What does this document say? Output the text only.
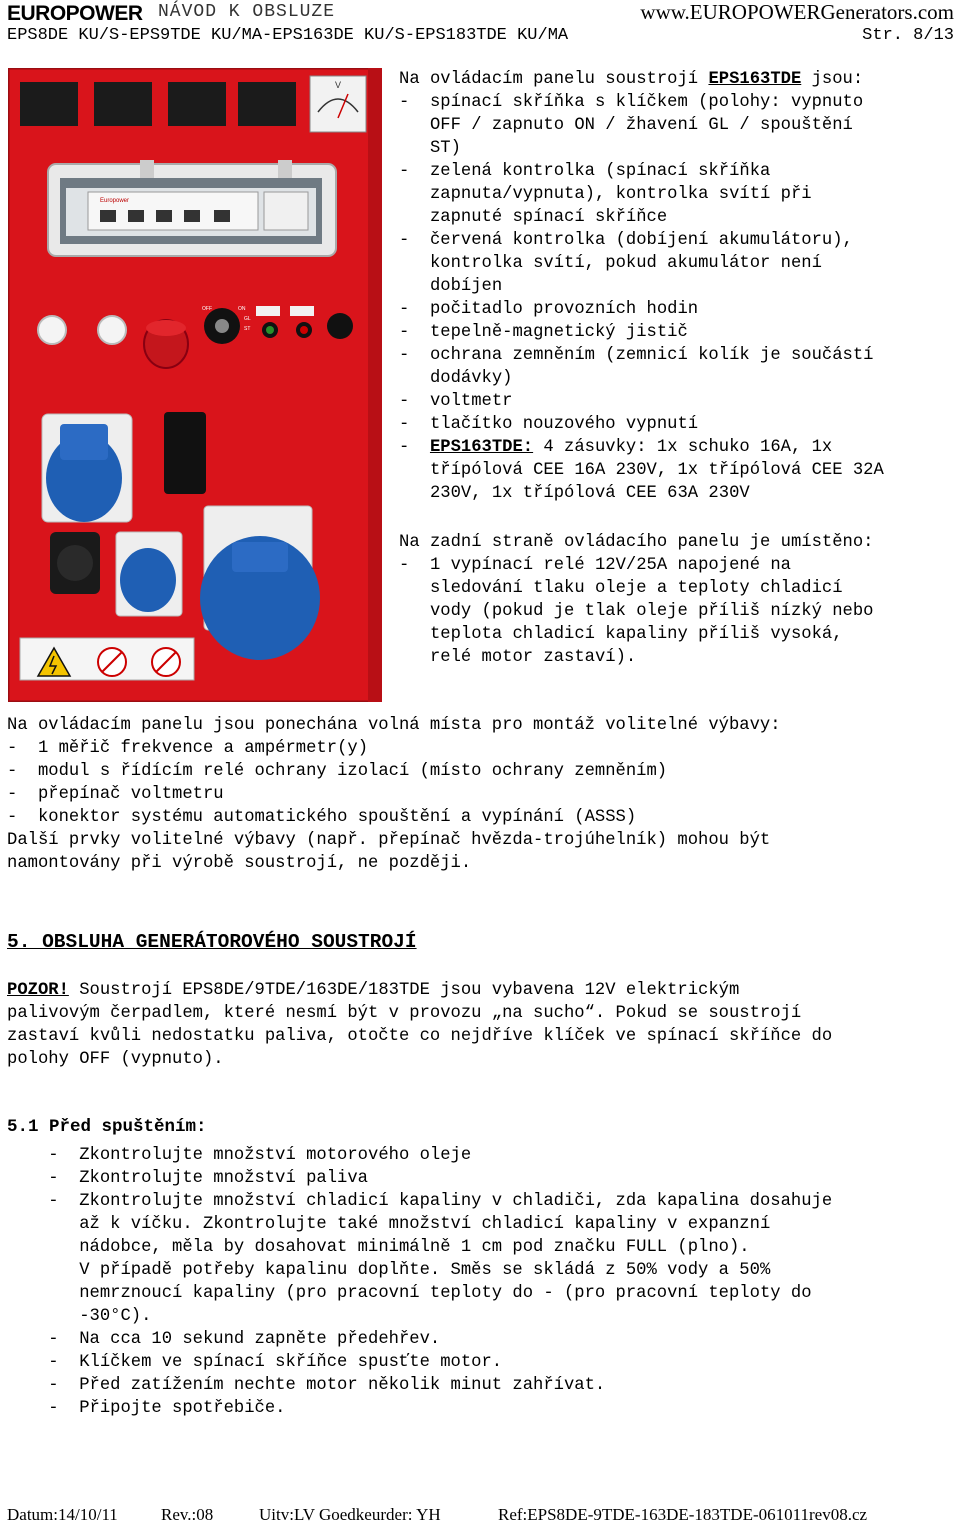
EUROPOWER NÁVOD K OBSLUZE	www.EUROPOWERGenerators.com
EPS8DE KU/S-EPS9TDE KU/MA-EPS163DE KU/S-EPS183TDE KU/MA	Str. 8/13
V
Europower
OFF	ON
GL
ST
Na ovládacím panelu soustrojí EPS163TDE jsou:
-  spínací skříňka s klíčkem (polohy: vypnuto
OFF / zapnuto ON / žhavení GL / spouštění
ST)
-  zelená kontrolka (spínací skříňka
zapnuta/vypnuta), kontrolka svítí při
zapnuté spínací skříňce
-  červená kontrolka (dobíjení akumulátoru),
kontrolka svítí, pokud akumulátor není
dobíjen
-  počitadlo provozních hodin
-  tepelně-magnetický jistič
-  ochrana zemněním (zemnicí kolík je součástí
dodávky)
-  voltmetr
-  tlačítko nouzového vypnutí
-  EPS163TDE: 4 zásuvky: 1x schuko 16A, 1x
třípólová CEE 16A 230V, 1x třípólová CEE 32A
230V, 1x třípólová CEE 63A 230V
Na zadní straně ovládacího panelu je umístěno:
-  1 vypínací relé 12V/25A napojené na
sledování tlaku oleje a teploty chladicí
vody (pokud je tlak oleje příliš nízký nebo
teplota chladicí kapaliny příliš vysoká,
relé motor zastaví).
Na ovládacím panelu jsou ponechána volná místa pro montáž volitelné výbavy:
-  1 měřič frekvence a ampérmetr(y)
-  modul s řídícím relé ochrany izolací (místo ochrany zemněním)
-  přepínač voltmetru
-  konektor systému automatického spouštění a vypínání (ASSS)
Další prvky volitelné výbavy (např. přepínač hvězda-trojúhelník) mohou být
namontovány při výrobě soustrojí, ne později.
5. OBSLUHA GENERÁTOROVÉHO SOUSTROJÍ
POZOR! Soustrojí EPS8DE/9TDE/163DE/183TDE jsou vybavena 12V elektrickým
palivovým čerpadlem, které nesmí být v provozu „na sucho“. Pokud se soustrojí
zastaví kvůli nedostatku paliva, otočte co nejdříve klíček ve spínací skříňce do
polohy OFF (vypnuto).
5.1 Před spuštěním:
-  Zkontrolujte množství motorového oleje
-  Zkontrolujte množství paliva
-  Zkontrolujte množství chladicí kapaliny v chladiči, zda kapalina dosahuje
až k víčku. Zkontrolujte také množství chladicí kapaliny v expanzní
nádobce, měla by dosahovat minimálně 1 cm pod značku FULL (plno).
V případě potřeby kapalinu doplňte. Směs se skládá z 50% vody a 50%
nemrznoucí kapaliny (pro pracovní teploty do - (pro pracovní teploty do
-30°C).
-  Na cca 10 sekund zapněte předehřev.
-  Klíčkem ve spínací skříňce spusťte motor.
-  Před zatížením nechte motor několik minut zahřívat.
-  Připojte spotřebiče.
Datum:14/10/11	Rev.:08	Uitv:LV Goedkeurder: YH	Ref:EPS8DE-9TDE-163DE-183TDE-061011rev08.cz
